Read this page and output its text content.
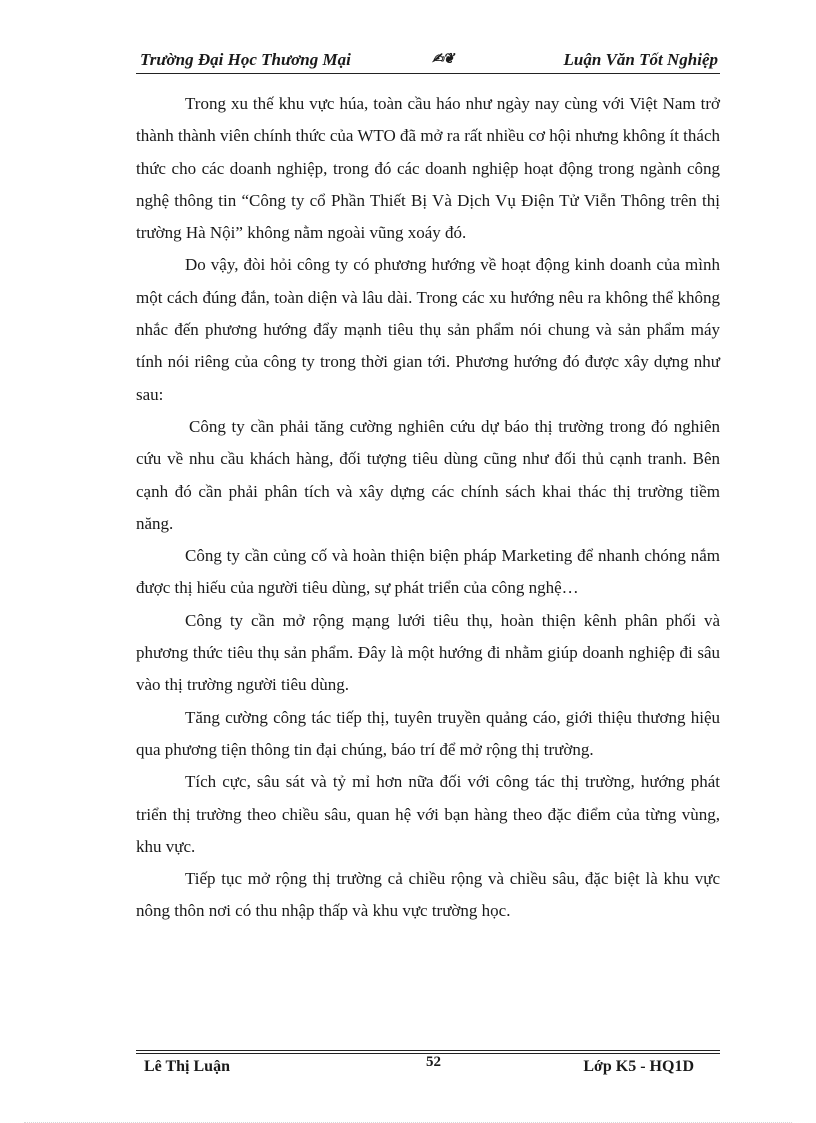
Trường Đại Học Thương Mại	✍︎❦	Luận Văn Tốt Nghiệp

Trong xu thế khu vực húa, toàn cầu háo như ngày nay cùng với Việt Nam trở thành thành viên chính thức của WTO đã mở ra rất nhiều cơ hội nhưng không ít thách thức cho các doanh nghiệp, trong đó các doanh nghiệp hoạt động trong ngành công nghệ thông tin “Công ty cổ Phần Thiết Bị Và Dịch Vụ Điện Tử Viễn Thông trên thị trường Hà Nội” không nằm ngoài vũng xoáy đó.

Do vậy, đòi hỏi công ty có phương hướng về hoạt động kinh doanh của mình một cách đúng đắn, toàn diện và lâu dài. Trong các xu hướng nêu ra không thể không nhắc đến phương hướng đẩy mạnh tiêu thụ sản phẩm nói chung và sản phẩm máy tính nói riêng của công ty trong thời gian tới. Phương hướng đó được xây dựng như sau:

Công ty cần phải tăng cường nghiên cứu dự báo thị trường trong đó nghiên cứu về nhu cầu khách hàng, đối tượng tiêu dùng cũng như đối thủ cạnh tranh. Bên cạnh đó cần phải phân tích và xây dựng các chính sách khai thác thị trường tiềm năng.

Công ty cần củng cố và hoàn thiện biện pháp Marketing để nhanh chóng nắm được thị hiếu của người tiêu dùng, sự phát triển của công nghệ…

Công ty cần mở rộng mạng lưới tiêu thụ, hoàn thiện kênh phân phối và phương thức tiêu thụ sản phẩm. Đây là một hướng đi nhằm giúp doanh nghiệp đi sâu vào thị trường người tiêu dùng.

Tăng cường công tác tiếp thị, tuyên truyền quảng cáo, giới thiệu thương hiệu qua phương tiện thông tin đại chúng, báo trí để mở rộng thị trường.

Tích cực, sâu sát và tỷ mỉ hơn nữa đối với công tác thị trường, hướng phát triển thị trường theo chiều sâu, quan hệ với bạn hàng theo đặc điểm của từng vùng, khu vực.

Tiếp tục mở rộng thị trường cả chiều rộng và chiều sâu, đặc biệt là khu vực nông thôn nơi có thu nhập thấp và khu vực trường học.

Lê Thị Luận	52	Lớp K5 - HQ1D
